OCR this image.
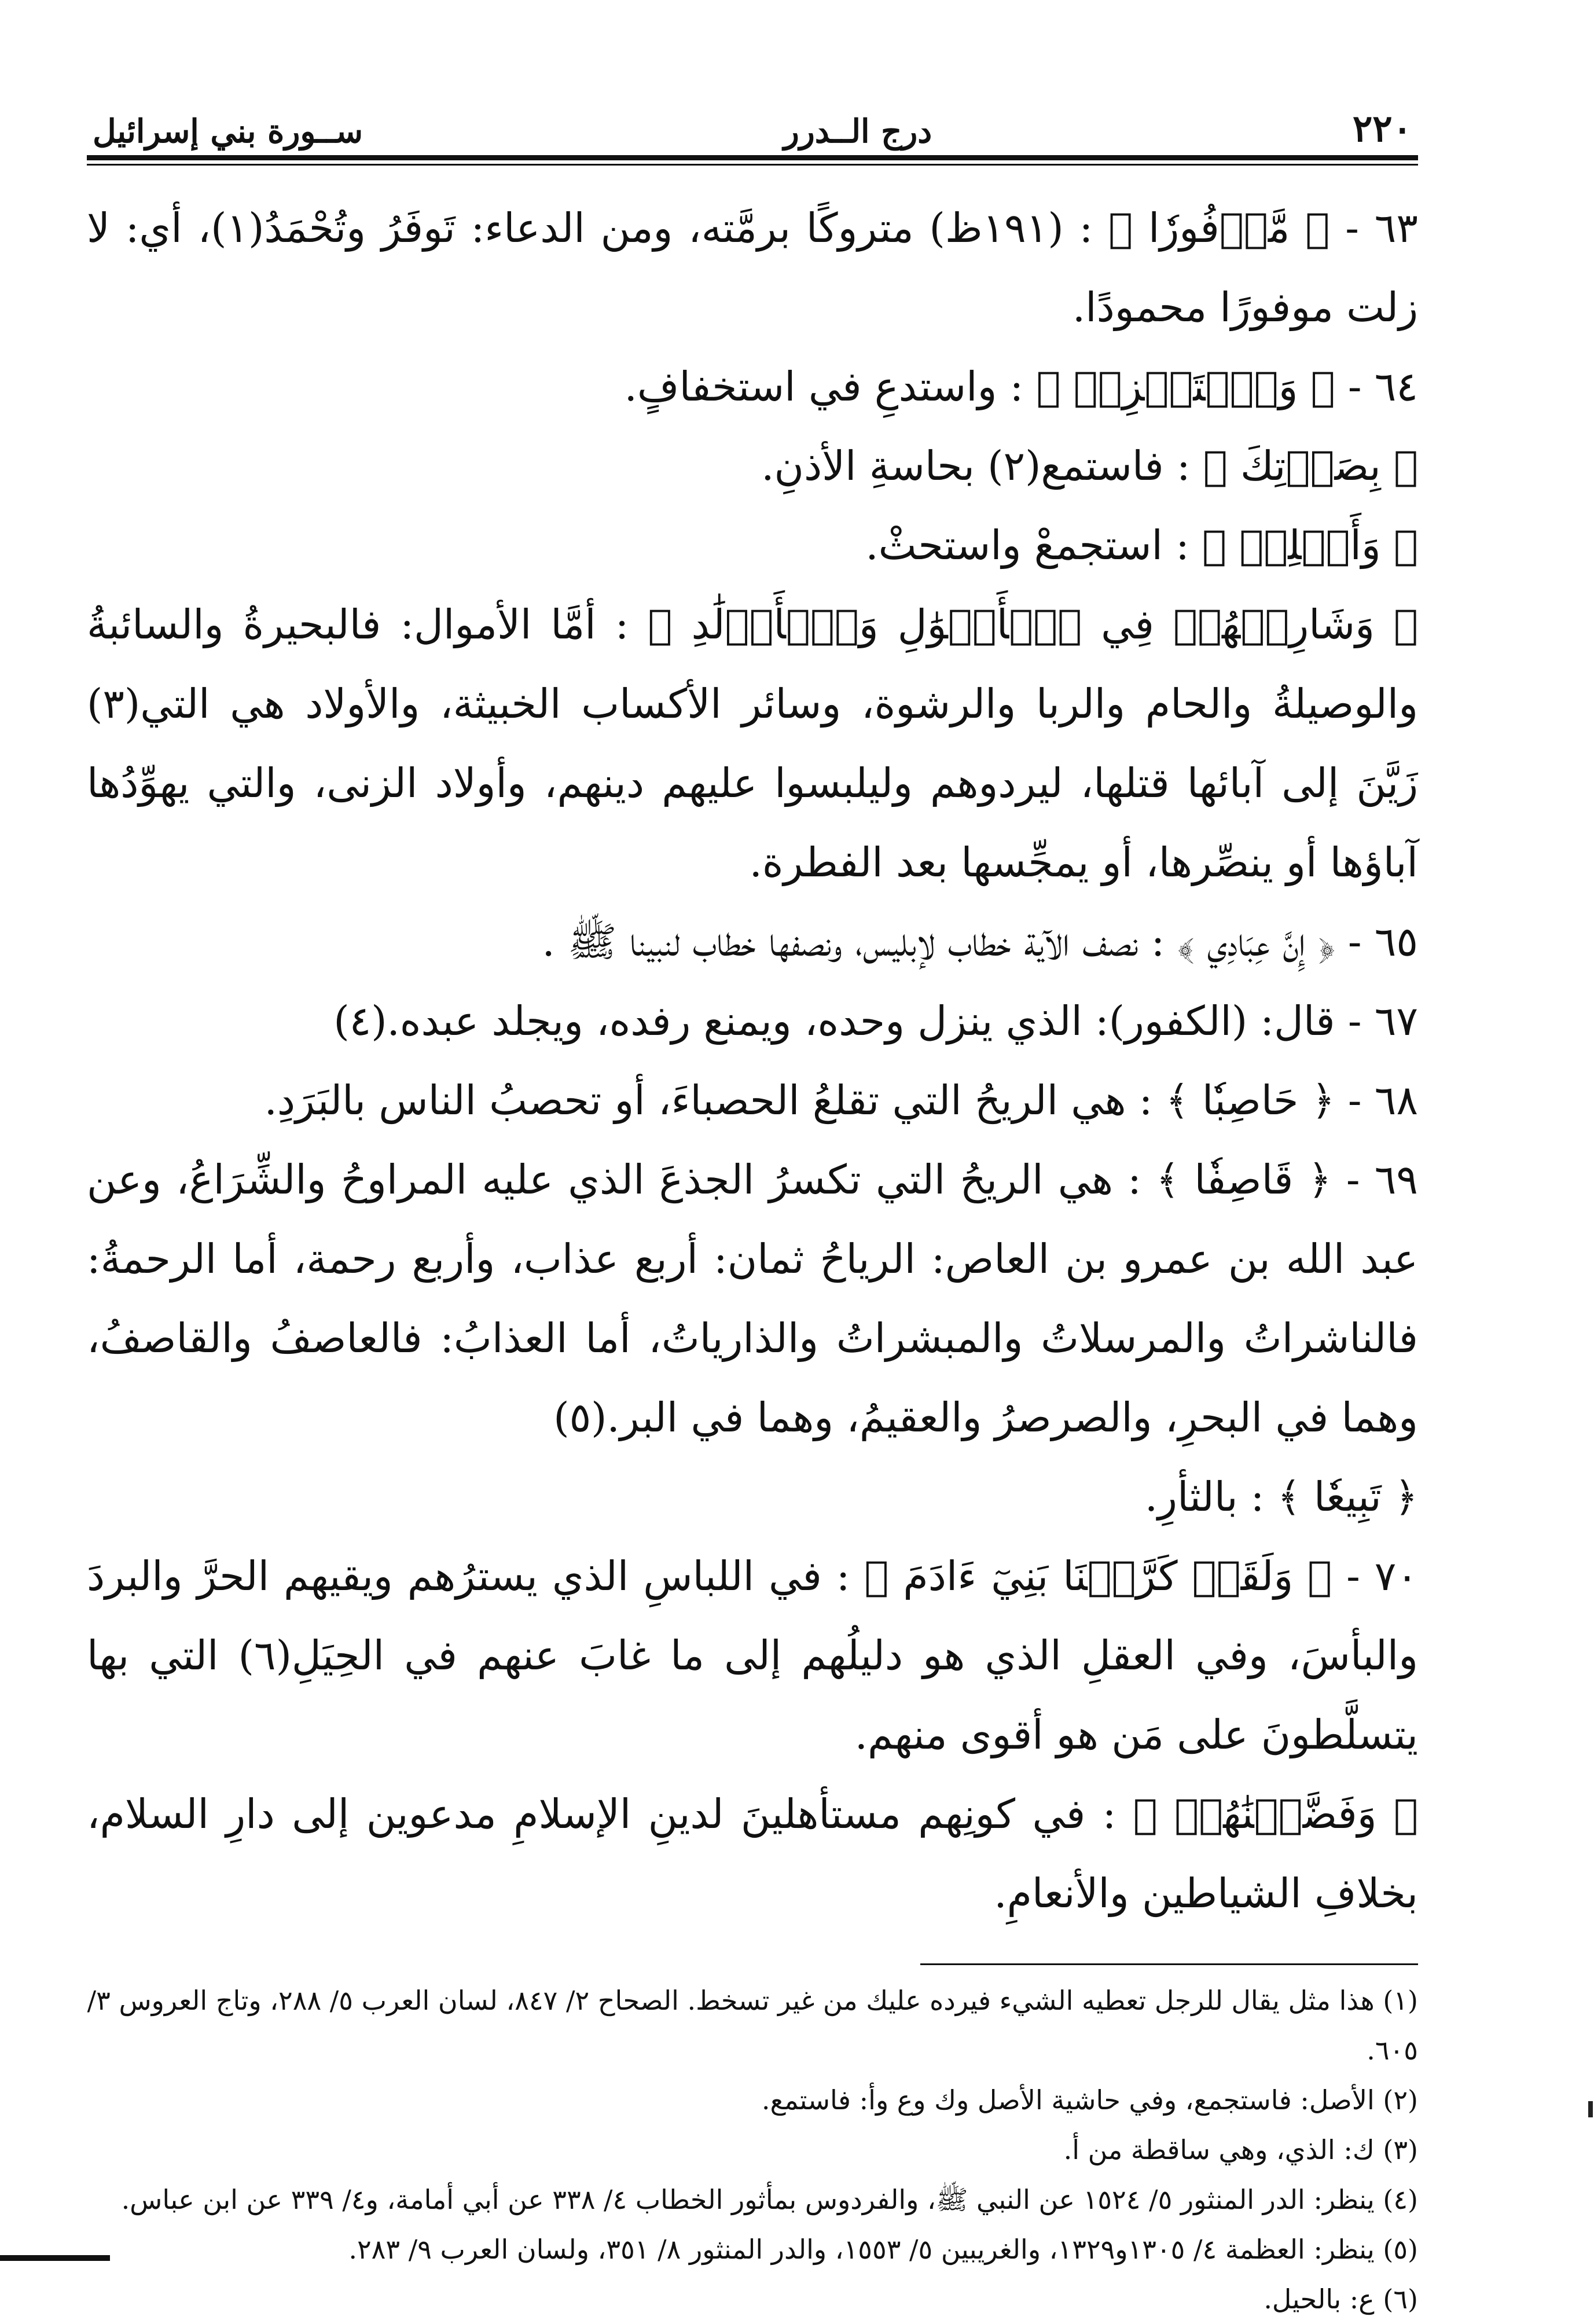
٢٢٠
درج الــدرر
ســورة بني إسرائيل

٦٣ - ﴿ مَّوۡفُورٗا ﴾ : (١٩١ظ) متروكًا برمَّته، ومن الدعاء: تَوفَرُ وتُحْمَدُ(١)، أي: لا زلت موفورًا محمودًا.

٦٤ - ﴿ وَٱسۡتَفۡزِزۡ ﴾ : واستدعِ في استخفافٍ.

﴿ بِصَوۡتِكَ ﴾ : فاستمع(٢) بحاسةِ الأذنِ.

﴿ وَأَجۡلِبۡ ﴾ : استجمعْ واستحثْ.

﴿ وَشَارِكۡهُمۡ فِي ٱلۡأَمۡوَٰلِ وَٱلۡأَوۡلَٰدِ ﴾ : أمَّا الأموال: فالبحيرةُ والسائبةُ والوصيلةُ والحام والربا والرشوة، وسائر الأكساب الخبيثة، والأولاد هي التي(٣) زَيَّنَ إلى آبائها قتلها، ليردوهم وليلبسوا عليهم دينهم، وأولاد الزنى، والتي يهوِّدُها آباؤها أو ينصِّرها، أو يمجِّسها بعد الفطرة.

٦٥ - ﴿ إِنَّ عِبَادِي ﴾ : نصف الآية خطاب لإبليس، ونصفها خطاب لنبينا ﷺ .

٦٧ - قال: (الكفور): الذي ينزل وحده، ويمنع رفده، ويجلد عبده.(٤)

٦٨ - ﴿ حَاصِبٗا ﴾ : هي الريحُ التي تقلعُ الحصباءَ، أو تحصبُ الناس بالبَرَدِ.

٦٩ - ﴿ قَاصِفٗا ﴾ : هي الريحُ التي تكسرُ الجذعَ الذي عليه المراوحُ والشِّرَاعُ، وعن عبد الله بن عمرو بن العاص: الرياحُ ثمان: أربع عذاب، وأربع رحمة، أما الرحمةُ: فالناشراتُ والمرسلاتُ والمبشراتُ والذارياتُ، أما العذابُ: فالعاصفُ والقاصفُ، وهما في البحرِ، والصرصرُ والعقيمُ، وهما في البر.(٥)

﴿ تَبِيعٗا ﴾ : بالثأرِ.

٧٠ - ﴿ وَلَقَدۡ كَرَّمۡنَا بَنِيٓ ءَادَمَ ﴾ : في اللباسِ الذي يسترُهم ويقيهم الحرَّ والبردَ والبأسَ، وفي العقلِ الذي هو دليلُهم إلى ما غابَ عنهم في الحِيَلِ(٦) التي بها يتسلَّطونَ على مَن هو أقوى منهم.

﴿ وَفَضَّلۡنَٰهُمۡ ﴾ : في كونِهم مستأهلينَ لدينِ الإسلامِ مدعوين إلى دارِ السلام، بخلافِ الشياطين والأنعامِ.

(١) هذا مثل يقال للرجل تعطيه الشيء فيرده عليك من غير تسخط. الصحاح ٢/ ٨٤٧، لسان العرب ٥/ ٢٨٨، وتاج العروس ٣/ ٦٠٥.

(٢) الأصل: فاستجمع، وفي حاشية الأصل وك وع وأ: فاستمع.

(٣) ك: الذي، وهي ساقطة من أ.

(٤) ينظر: الدر المنثور ٥/ ١٥٢٤ عن النبي ﷺ، والفردوس بمأثور الخطاب ٤/ ٣٣٨ عن أبي أمامة، و٤/ ٣٣٩ عن ابن عباس.

(٥) ينظر: العظمة ٤/ ١٣٠٥و١٣٢٩، والغريبين ٥/ ١٥٥٣، والدر المنثور ٨/ ٣٥١، ولسان العرب ٩/ ٢٨٣.

(٦) ع: بالحيل.
